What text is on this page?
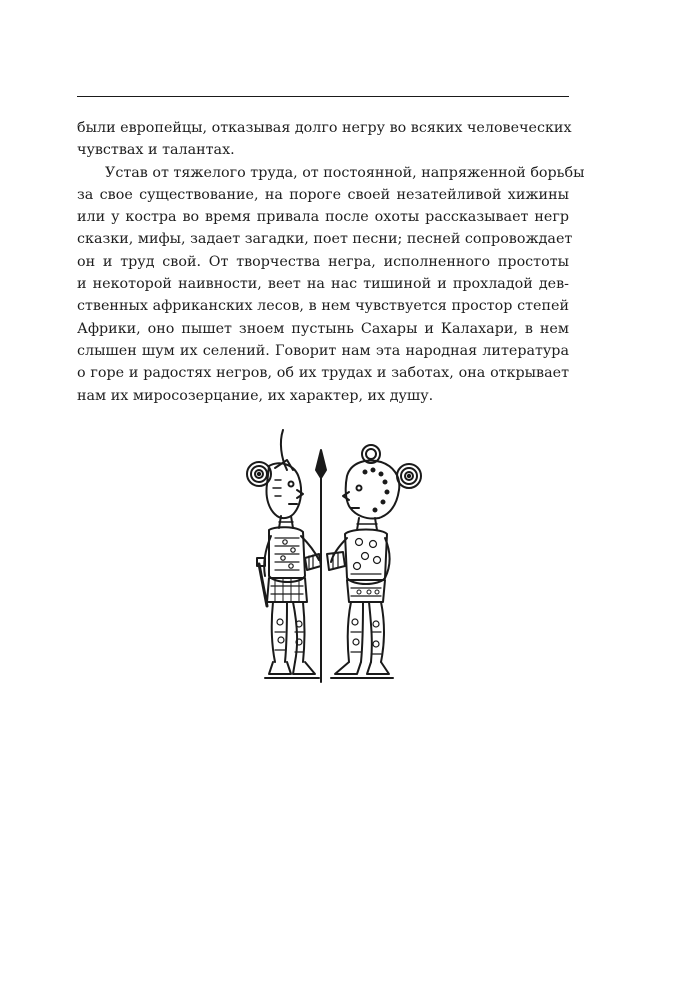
были европейцы, отказывая долго негру во всяких человеческих
чувствах и талантах.

Устав от тяжелого труда, от постоянной, напряженной борьбы
за свое существование, на пороге своей незатейливой хижины
или у костра во время привала после охоты рассказывает негр
сказки, мифы, задает загадки, поет песни; песней сопровождает
он и труд свой. От творчества негра, исполненного простоты
и некоторой наивности, веет на нас тишиной и прохладой дев-
ственных африканских лесов, в нем чувствуется простор степей
Африки, оно пышет зноем пустынь Сахары и Калахари, в нем
слышен шум их селений. Говорит нам эта народная литература
о горе и радостях негров, об их трудах и заботах, она открывает
нам их миросозерцание, их характер, их душу.
